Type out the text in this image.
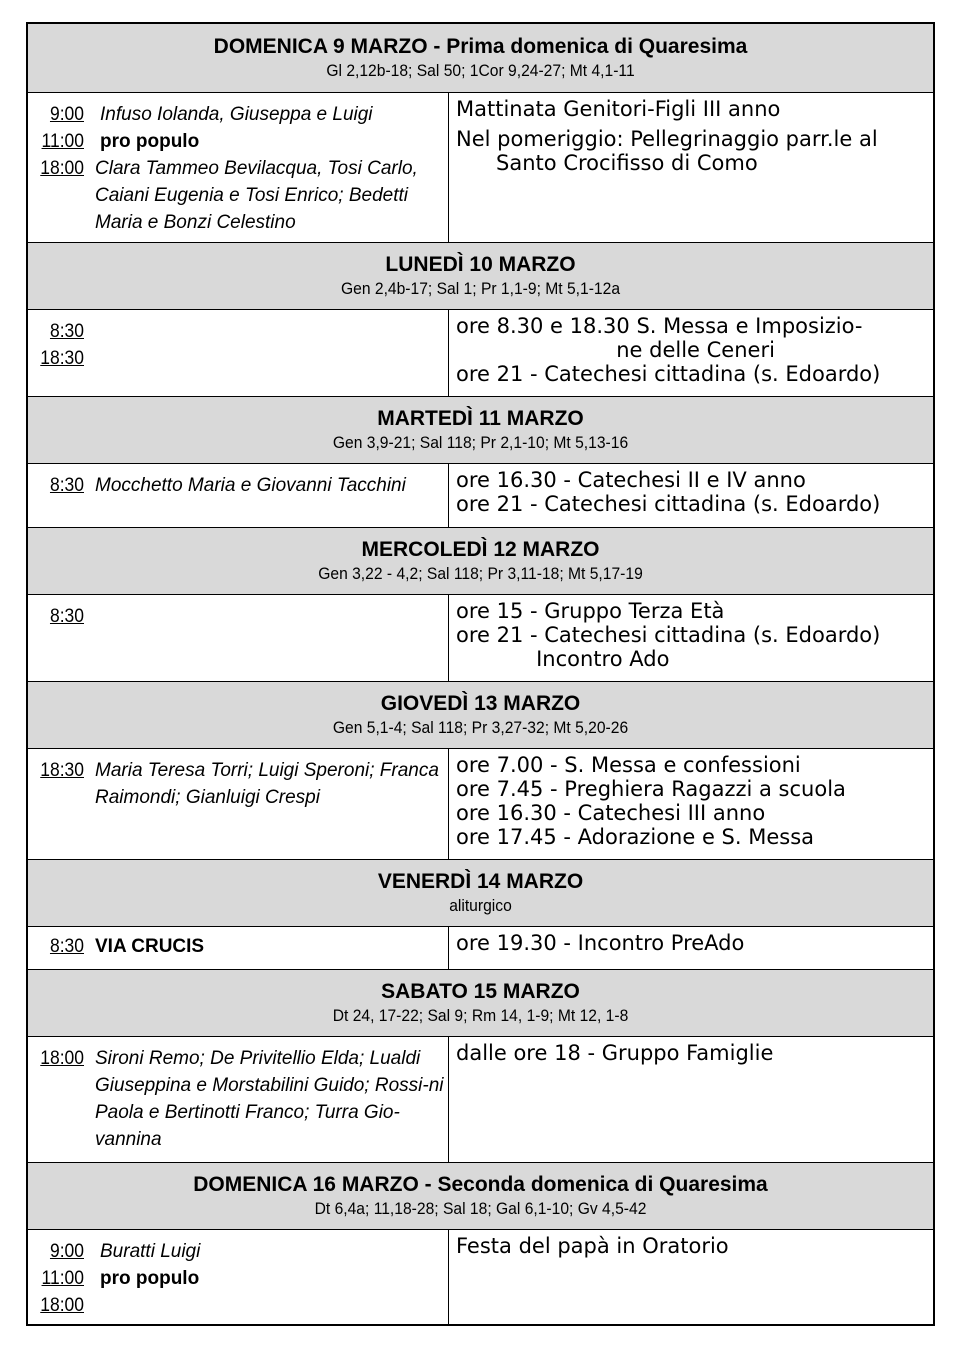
DOMENICA 9 MARZO - Prima domenica di Quaresima
Gl 2,12b-18; Sal 50; 1Cor 9,24-27; Mt 4,1-11
9:00 Infuso Iolanda, Giuseppa e Luigi
11:00 pro populo
18:00 Clara Tammeo Bevilacqua, Tosi Carlo, Caiani Eugenia e Tosi Enrico; Bedetti Maria e Bonzi Celestino
Mattinata Genitori-Figli III anno
Nel pomeriggio: Pellegrinaggio parr.le al
Santo Crocifisso di Como
LUNEDÌ 10 MARZO
Gen 2,4b-17; Sal 1; Pr 1,1-9; Mt 5,1-12a
8:30
18:30
ore 8.30 e 18.30 S. Messa e Imposizio-
ne delle Ceneri
ore 21 - Catechesi cittadina (s. Edoardo)
MARTEDÌ 11 MARZO
Gen 3,9-21; Sal 118; Pr 2,1-10; Mt 5,13-16
8:30 Mocchetto Maria e Giovanni Tacchini ore 16.30 - Catechesi II e IV anno
ore 21 - Catechesi cittadina (s. Edoardo)
MERCOLEDÌ 12 MARZO
Gen 3,22 - 4,2; Sal 118; Pr 3,11-18; Mt 5,17-19
8:30	ore 15 - Gruppo Terza Età
ore 21 - Catechesi cittadina (s. Edoardo)
Incontro Ado
GIOVEDÌ 13 MARZO
Gen 5,1-4; Sal 118; Pr 3,27-32; Mt 5,20-26
18:30 Maria Teresa Torri; Luigi Speroni; Franca Raimondi; Gianluigi Crespi
ore 7.00 - S. Messa e confessioni
ore 7.45 - Preghiera Ragazzi a scuola
ore 16.30 - Catechesi III anno
ore 17.45 - Adorazione e S. Messa
VENERDÌ 14 MARZO
aliturgico
8:30 VIA CRUCIS	ore 19.30 - Incontro PreAdo
SABATO 15 MARZO
Dt 24, 17-22; Sal 9; Rm 14, 1-9; Mt 12, 1-8
18:00 Sironi Remo; De Privitellio Elda; Lualdi Giuseppina e Morstabilini Guido; Rossi-ni Paola e Bertinotti Franco; Turra Gio-vannina
dalle ore 18 - Gruppo Famiglie
DOMENICA 16 MARZO - Seconda domenica di Quaresima
Dt 6,4a; 11,18-28; Sal 18; Gal 6,1-10; Gv 4,5-42
9:00 Buratti Luigi
11:00 pro populo
18:00
Festa del papà in Oratorio
